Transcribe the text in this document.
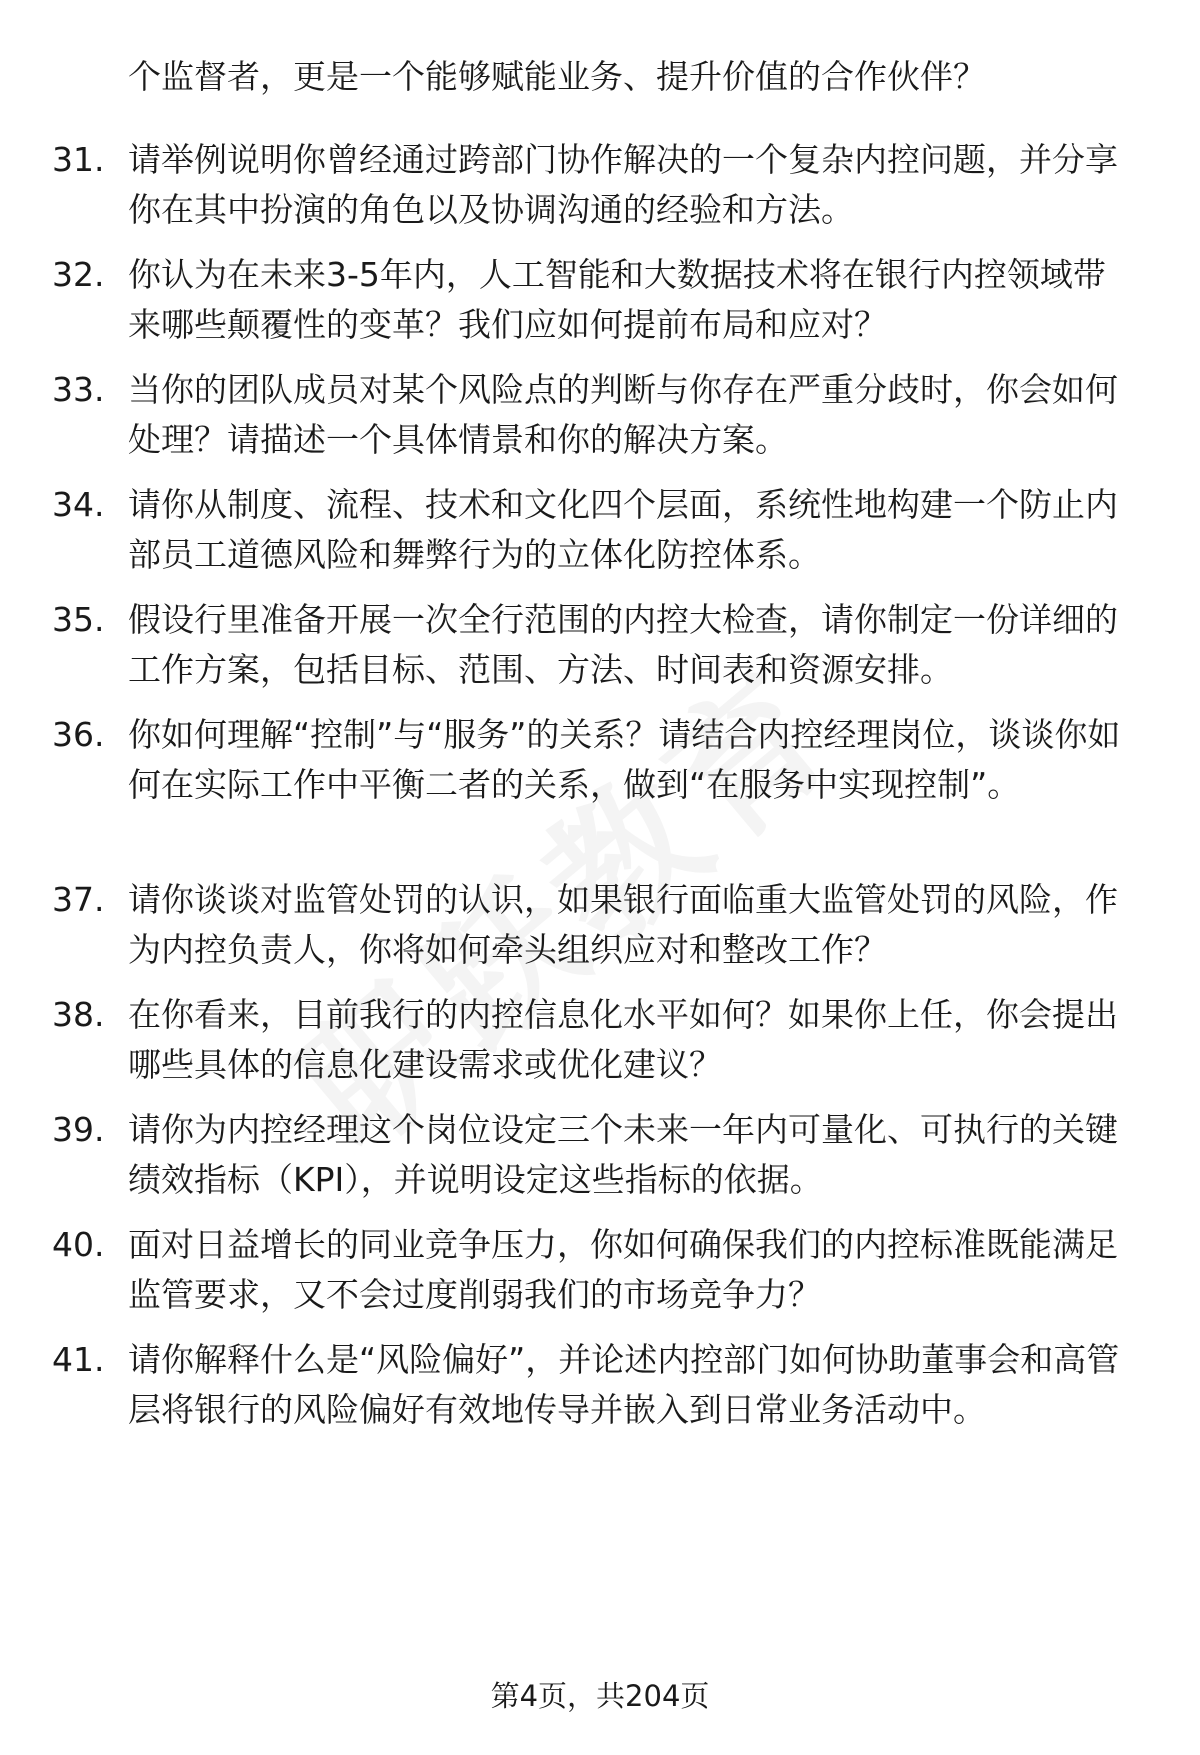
个监督者，更是一个能够赋能业务、提升价值的合作伙伴？

31. 请举例说明你曾经通过跨部门协作解决的一个复杂内控问题，并分享你在其中扮演的角色以及协调沟通的经验和方法。

32. 你认为在未来3-5年内，人工智能和大数据技术将在银行内控领域带来哪些颠覆性的变革？我们应如何提前布局和应对？

33. 当你的团队成员对某个风险点的判断与你存在严重分歧时，你会如何处理？请描述一个具体情景和你的解决方案。

34. 请你从制度、流程、技术和文化四个层面，系统性地构建一个防止内部员工道德风险和舞弊行为的立体化防控体系。

35. 假设行里准备开展一次全行范围的内控大检查，请你制定一份详细的工作方案，包括目标、范围、方法、时间表和资源安排。

36. 你如何理解“控制”与“服务”的关系？请结合内控经理岗位，谈谈你如何在实际工作中平衡二者的关系，做到“在服务中实现控制”。

37. 请你谈谈对监管处罚的认识，如果银行面临重大监管处罚的风险，作为内控负责人，你将如何牵头组织应对和整改工作？

38. 在你看来，目前我行的内控信息化水平如何？如果你上任，你会提出哪些具体的信息化建设需求或优化建议？

39. 请你为内控经理这个岗位设定三个未来一年内可量化、可执行的关键绩效指标（KPI），并说明设定这些指标的依据。

40. 面对日益增长的同业竞争压力，你如何确保我们的内控标准既能满足监管要求，又不会过度削弱我们的市场竞争力？

41. 请你解释什么是“风险偏好”，并论述内控部门如何协助董事会和高管层将银行的风险偏好有效地传导并嵌入到日常业务活动中。

第4页，共204页
